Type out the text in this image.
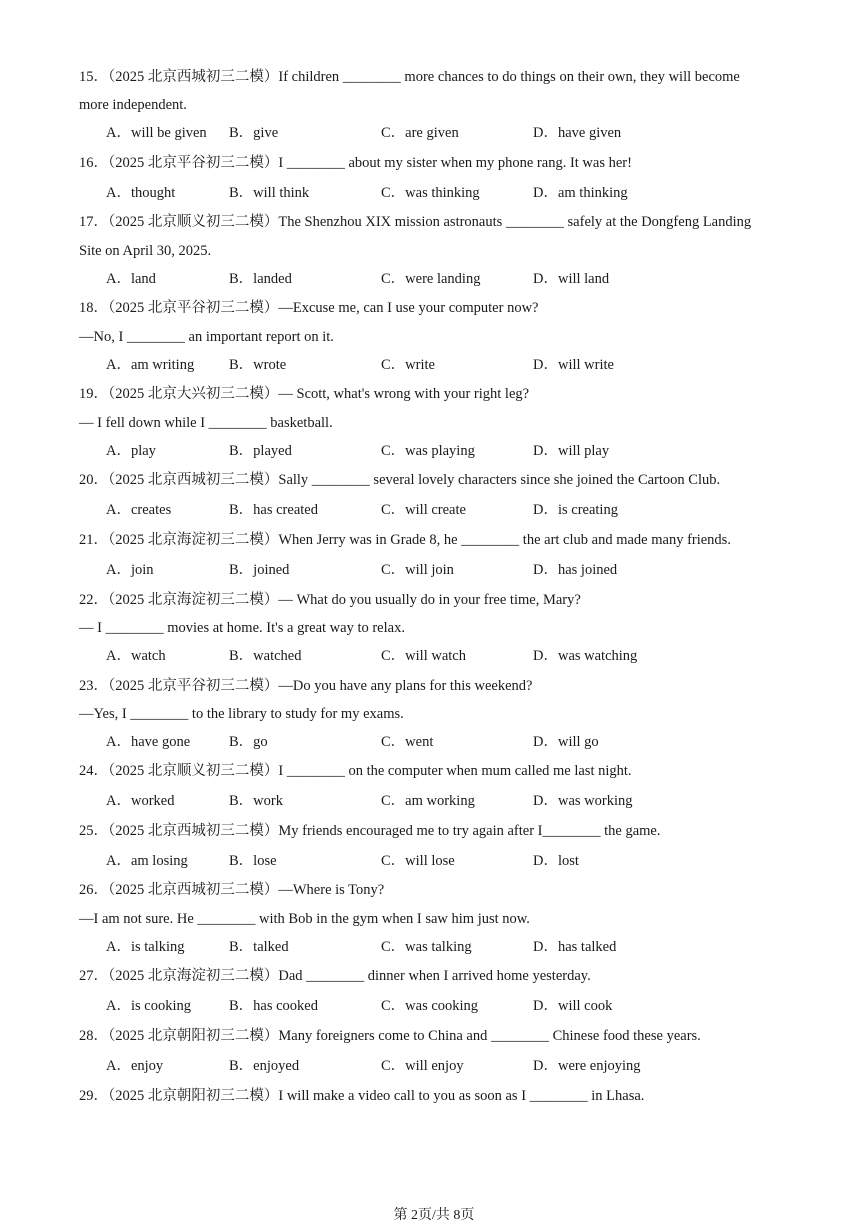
15．（2025 北京西城初三二模）If children ________ more chances to do things on their own, they will become
more independent.
A．will be given B．give	C．are given	D．have given
16．（2025 北京平谷初三二模）I ________ about my sister when my phone rang. It was her!
A．thought	B．will think	C．was thinking	D．am thinking
17．（2025 北京顺义初三二模）The Shenzhou XIX mission astronauts ________ safely at the Dongfeng Landing
Site on April 30, 2025.
A．land	B．landed	C．were landing	D．will land
18．（2025 北京平谷初三二模）—Excuse me, can I use your computer now?
—No, I ________ an important report on it.
A．am writing B．wrote	C．write	D．will write
19．（2025 北京大兴初三二模）— Scott, what's wrong with your right leg?
— I fell down while I ________ basketball.
A．play	B．played	C．was playing	D．will play
20．（2025 北京西城初三二模）Sally ________ several lovely characters since she joined the Cartoon Club.
A．creates	B．has created	C．will create	D．is creating
21．（2025 北京海淀初三二模）When Jerry was in Grade 8, he ________ the art club and made many friends.
A．join	B．joined	C．will join	D．has joined
22．（2025 北京海淀初三二模）— What do you usually do in your free time, Mary?
— I ________ movies at home. It's a great way to relax.
A．watch	B．watched	C．will watch	D．was watching
23．（2025 北京平谷初三二模）—Do you have any plans for this weekend?
—Yes, I ________ to the library to study for my exams.
A．have gone	B．go	C．went	D．will go
24．（2025 北京顺义初三二模）I ________ on the computer when mum called me last night.
A．worked	B．work	C．am working	D．was working
25．（2025 北京西城初三二模）My friends encouraged me to try again after I________ the game.
A．am losing	B．lose	C．will lose	D．lost
26．（2025 北京西城初三二模）—Where is Tony?
—I am not sure. He ________ with Bob in the gym when I saw him just now.
A．is talking	B．talked	C．was talking	D．has talked
27．（2025 北京海淀初三二模）Dad ________ dinner when I arrived home yesterday.
A．is cooking	B．has cooked	C．was cooking	D．will cook
28．（2025 北京朝阳初三二模）Many foreigners come to China and ________ Chinese food these years.
A．enjoy	B．enjoyed	C．will enjoy	D．were enjoying
29．（2025 北京朝阳初三二模）I will make a video call to you as soon as I ________ in Lhasa.
第 2页/共 8页
